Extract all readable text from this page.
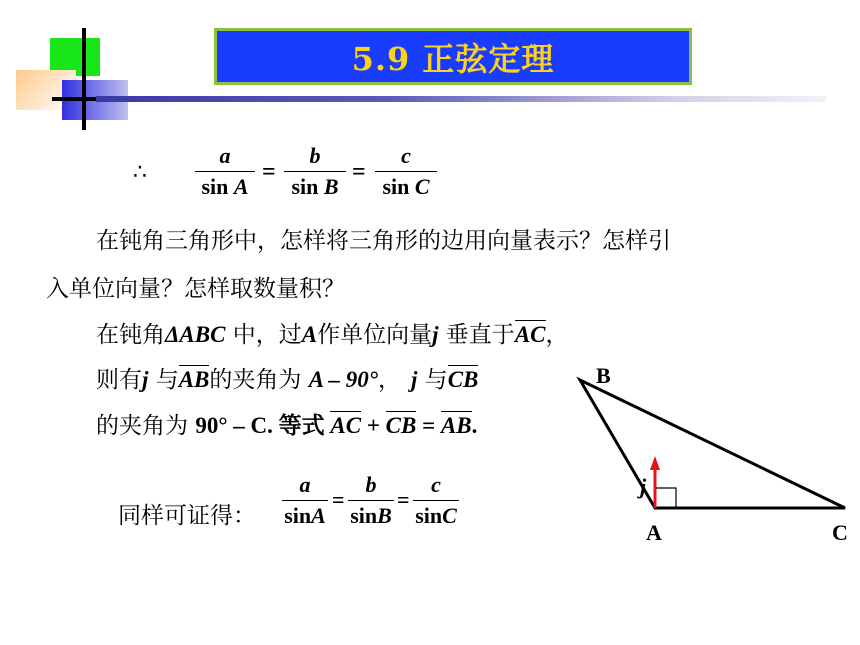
5.9 正弦定理
∴
a
sin A
=
b
sin B
=
c
sin C
在钝角三角形中，怎样将三角形的边用向量表示？怎样引
入单位向量？怎样取数量积？
在钝角ΔABC 中，过A作单位向量j 垂直于AC，
则有j 与AB的夹角为 A – 90°， j 与CB
的夹角为 90° – C. 等式 AC + CB = AB.
同样可证得：
a
sinA
=
b
sinB
=
c
sinC
B
A	C
j
